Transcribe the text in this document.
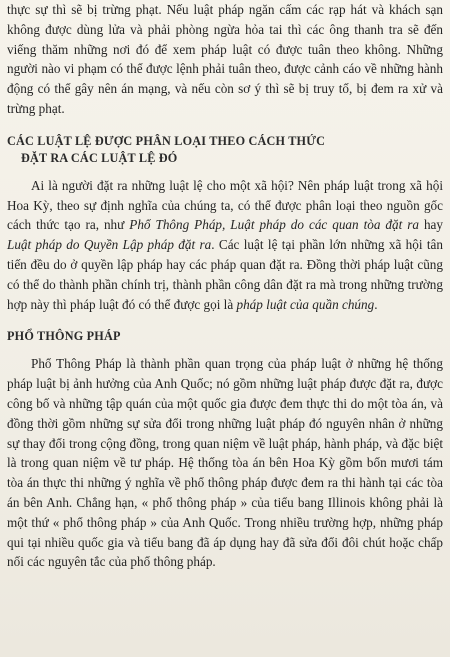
thực sự thì sẽ bị trừng phạt. Nếu luật pháp ngăn cấm các rạp hát và khách sạn không được dùng lửa và phải phòng ngừa hỏa tai thì các ông thanh tra sẽ đến viếng thăm những nơi đó để xem pháp luật có được tuân theo không. Những người nào vi phạm có thể được lệnh phải tuân theo, được cảnh cáo về những hành động có thể gây nên án mạng, và nếu còn sơ ý thì sẽ bị truy tố, bị đem ra xử và trừng phạt.

CÁC LUẬT LỆ ĐƯỢC PHÂN LOẠI THEO CÁCH THỨC
ĐẶT RA CÁC LUẬT LỆ ĐÓ

Ai là người đặt ra những luật lệ cho một xã hội? Nên pháp luật trong xã hội Hoa Kỳ, theo sự định nghĩa của chúng ta, có thể được phân loại theo nguồn gốc cách thức tạo ra, như Phổ Thông Pháp, Luật pháp do các quan tòa đặt ra hay Luật pháp do Quyền Lập pháp đặt ra. Các luật lệ tại phần lớn những xã hội tân tiến đều do ở quyền lập pháp hay các pháp quan đặt ra. Đồng thời pháp luật cũng có thể do thành phần chính trị, thành phần công dân đặt ra mà trong những trường hợp này thì pháp luật đó có thể được gọi là pháp luật của quần chúng.

PHỔ THÔNG PHÁP

Phổ Thông Pháp là thành phần quan trọng của pháp luật ở những hệ thống pháp luật bị ảnh hưởng của Anh Quốc; nó gồm những luật pháp được đặt ra, được công bố và những tập quán của một quốc gia được đem thực thi do một tòa án, và đồng thời gồm những sự sửa đổi trong những luật pháp đó nguyên nhân ở những sự thay đổi trong cộng đồng, trong quan niệm về luật pháp, hành pháp, và đặc biệt là trong quan niệm về tư pháp. Hệ thống tòa án bên Hoa Kỳ gồm bốn mươi tám tòa án thực thi những ý nghĩa về phổ thông pháp được đem ra thi hành tại các tòa án bên Anh. Chẳng hạn, « phổ thông pháp » của tiểu bang Illinois không phải là một thứ « phổ thông pháp » của Anh Quốc. Trong nhiều trường hợp, những pháp qui tại nhiều quốc gia và tiểu bang đã áp dụng hay đã sửa đổi đôi chút hoặc chấp nối các nguyên tắc của phổ thông pháp.
